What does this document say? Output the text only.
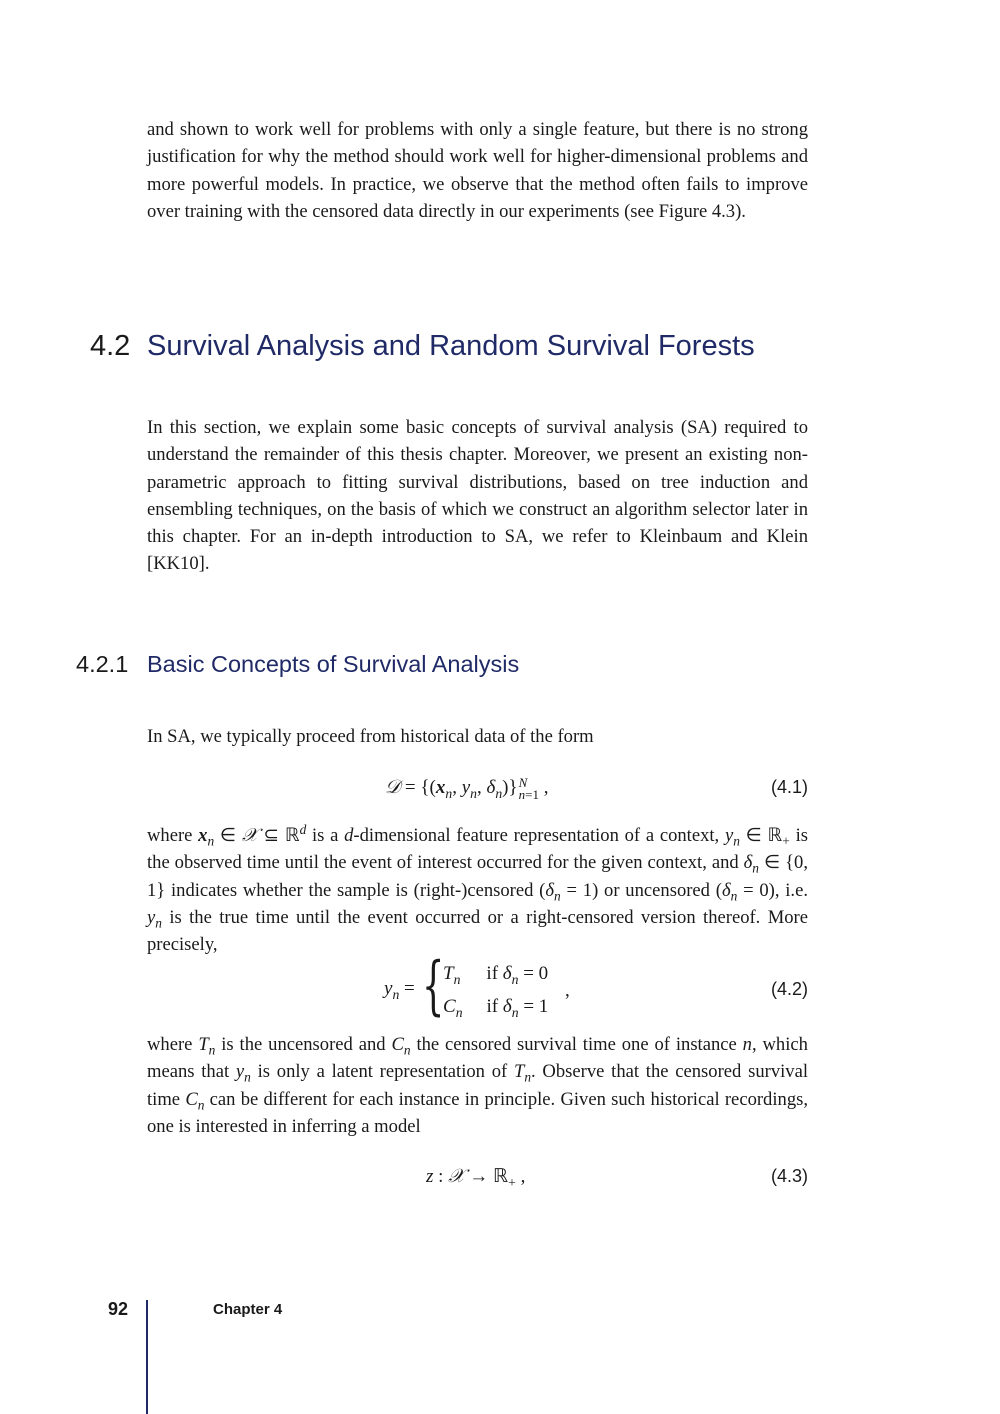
and shown to work well for problems with only a single feature, but there is no strong justification for why the method should work well for higher-dimensional problems and more powerful models. In practice, we observe that the method often fails to improve over training with the censored data directly in our experiments (see Figure 4.3).

4.2 Survival Analysis and Random Survival Forests

In this section, we explain some basic concepts of survival analysis (SA) required to understand the remainder of this thesis chapter. Moreover, we present an existing non-parametric approach to fitting survival distributions, based on tree induction and ensembling techniques, on the basis of which we construct an algorithm selector later in this chapter. For an in-depth introduction to SA, we refer to Kleinbaum and Klein [KK10].

4.2.1 Basic Concepts of Survival Analysis

In SA, we typically proceed from historical data of the form

𝒟 = {($x_n$, $y_n$, $\delta_n$)} N
n=1 ,	(4.1)

where $x_n$ ∈ 𝒳 ⊆ ℝ$^d$ is a d-dimensional feature representation of a context, $y_n$ ∈ ℝ$_+$ is the observed time until the event of interest occurred for the given context, and $\delta_n$ ∈ {0, 1} indicates whether the sample is (right-)censored $(\delta_n = 1)$ or uncensored $(\delta_n = 0)$, i.e. $y_n$ is the true time until the event occurred or a right-censored version thereof. More precisely,

$y_n$ = {
$T_n$ if $\delta_n = 0$
$C_n$ if $\delta_n = 1$
,	(4.2)

where $T_n$ is the uncensored and $C_n$ the censored survival time one of instance n, which means that $y_n$ is only a latent representation of $T_n$. Observe that the censored survival time $C_n$ can be different for each instance in principle. Given such historical recordings, one is interested in inferring a model

z : 𝒳 → ℝ$_+$ ,	(4.3)
92	Chapter 4
